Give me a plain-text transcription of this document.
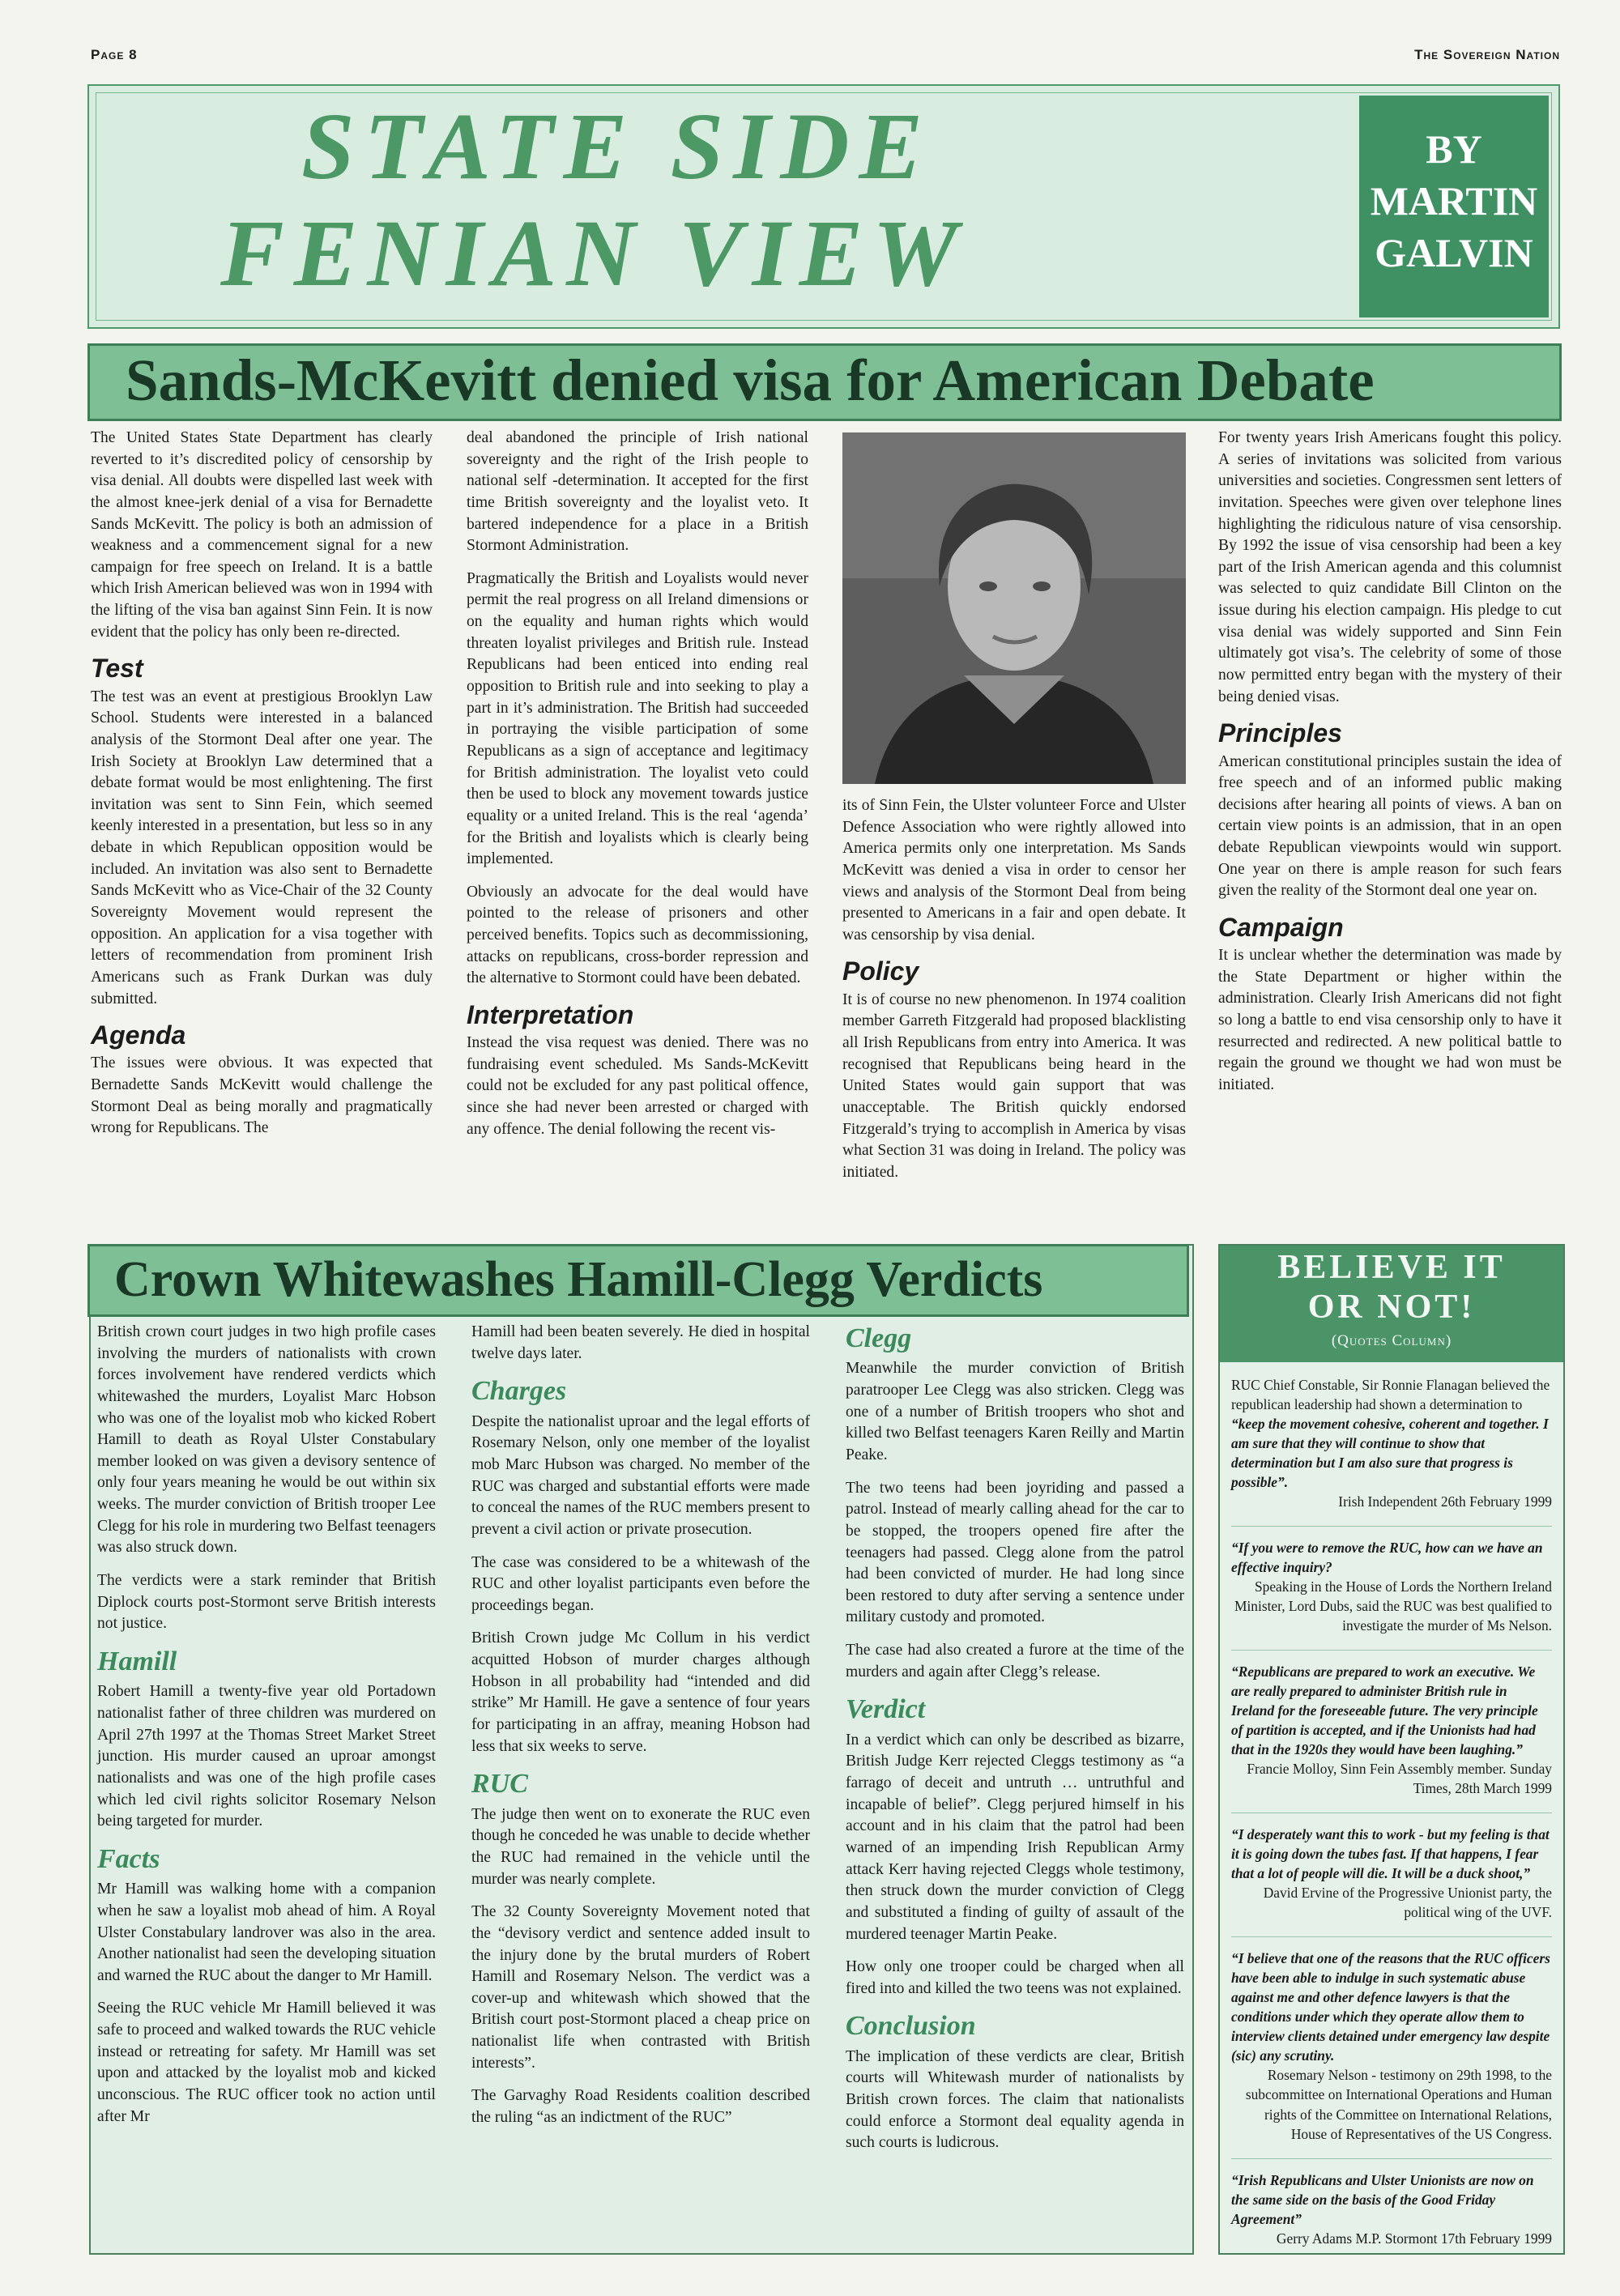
Page 8	The Sovereign Nation
STATE SIDE
FENIAN VIEW
BY
MARTIN
GALVIN
Sands-McKevitt denied visa for American Debate

The United States State Department has clearly reverted to it’s discredited policy of censorship by visa denial. All doubts were dispelled last week with the almost knee-jerk denial of a visa for Bernadette Sands McKevitt. The policy is both an admission of weakness and a commencement signal for a new campaign for free speech on Ireland. It is a battle which Irish American believed was won in 1994 with the lifting of the visa ban against Sinn Fein. It is now evident that the policy has only been re-directed.

Test

The test was an event at prestigious Brooklyn Law School. Students were interested in a balanced analysis of the Stormont Deal after one year. The Irish Society at Brooklyn Law determined that a debate format would be most enlightening. The first invitation was sent to Sinn Fein, which seemed keenly interested in a presentation, but less so in any debate in which Republican opposition would be included. An invitation was also sent to Bernadette Sands McKevitt who as Vice-Chair of the 32 County Sovereignty Movement would represent the opposition. An application for a visa together with letters of recommendation from prominent Irish Americans such as Frank Durkan was duly submitted.

Agenda

The issues were obvious. It was expected that Bernadette Sands McKevitt would challenge the Stormont Deal as being morally and pragmatically wrong for Republicans. The

deal abandoned the principle of Irish national sovereignty and the right of the Irish people to national self -determination. It accepted for the first time British sovereignty and the loyalist veto. It bartered independence for a place in a British Stormont Administration.

Pragmatically the British and Loyalists would never permit the real progress on all Ireland dimensions or on the equality and human rights which would threaten loyalist privileges and British rule. Instead Republicans had been enticed into ending real opposition to British rule and into seeking to play a part in it’s administration. The British had succeeded in portraying the visible participation of some Republicans as a sign of acceptance and legitimacy for British administration. The loyalist veto could then be used to block any movement towards justice equality or a united Ireland. This is the real ‘agenda’ for the British and loyalists which is clearly being implemented.

Obviously an advocate for the deal would have pointed to the release of prisoners and other perceived benefits. Topics such as decommissioning, attacks on republicans, cross-border repression and the alternative to Stormont could have been debated.

Interpretation

Instead the visa request was denied. There was no fundraising event scheduled. Ms Sands-McKevitt could not be excluded for any past political offence, since she had never been arrested or charged with any offence. The denial following the recent vis-

its of Sinn Fein, the Ulster volunteer Force and Ulster Defence Association who were rightly allowed into America permits only one interpretation. Ms Sands McKevitt was denied a visa in order to censor her views and analysis of the Stormont Deal from being presented to Americans in a fair and open debate. It was censorship by visa denial.

Policy

It is of course no new phenomenon. In 1974 coalition member Garreth Fitzgerald had proposed blacklisting all Irish Republicans from entry into America. It was recognised that Republicans being heard in the United States would gain support that was unacceptable. The British quickly endorsed Fitzgerald’s trying to accomplish in America by visas what Section 31 was doing in Ireland. The policy was initiated.

For twenty years Irish Americans fought this policy. A series of invitations was solicited from various universities and societies. Congressmen sent letters of invitation. Speeches were given over telephone lines highlighting the ridiculous nature of visa censorship. By 1992 the issue of visa censorship had been a key part of the Irish American agenda and this columnist was selected to quiz candidate Bill Clinton on the issue during his election campaign. His pledge to cut visa denial was widely supported and Sinn Fein ultimately got visa’s. The celebrity of some of those now permitted entry began with the mystery of their being denied visas.

Principles

American constitutional principles sustain the idea of free speech and of an informed public making decisions after hearing all points of views. A ban on certain view points is an admission, that in an open debate Republican viewpoints would win support. One year on there is ample reason for such fears given the reality of the Stormont deal one year on.

Campaign

It is unclear whether the determination was made by the State Department or higher within the administration. Clearly Irish Americans did not fight so long a battle to end visa censorship only to have it resurrected and redirected. A new political battle to regain the ground we thought we had won must be initiated.

Crown Whitewashes Hamill-Clegg Verdicts

British crown court judges in two high profile cases involving the murders of nationalists with crown forces involvement have rendered verdicts which whitewashed the murders, Loyalist Marc Hobson who was one of the loyalist mob who kicked Robert Hamill to death as Royal Ulster Constabulary member looked on was given a devisory sentence of only four years meaning he would be out within six weeks. The murder conviction of British trooper Lee Clegg for his role in murdering two Belfast teenagers was also struck down.

The verdicts were a stark reminder that British Diplock courts post-Stormont serve British interests not justice.

Hamill

Robert Hamill a twenty-five year old Portadown nationalist father of three children was murdered on April 27th 1997 at the Thomas Street Market Street junction. His murder caused an uproar amongst nationalists and was one of the high profile cases which led civil rights solicitor Rosemary Nelson being targeted for murder.

Facts

Mr Hamill was walking home with a companion when he saw a loyalist mob ahead of him. A Royal Ulster Constabulary landrover was also in the area. Another nationalist had seen the developing situation and warned the RUC about the danger to Mr Hamill.

Seeing the RUC vehicle Mr Hamill believed it was safe to proceed and walked towards the RUC vehicle instead or retreating for safety. Mr Hamill was set upon and attacked by the loyalist mob and kicked unconscious. The RUC officer took no action until after Mr

Hamill had been beaten severely. He died in hospital twelve days later.

Charges

Despite the nationalist uproar and the legal efforts of Rosemary Nelson, only one member of the loyalist mob Marc Hubson was charged. No member of the RUC was charged and substantial efforts were made to conceal the names of the RUC members present to prevent a civil action or private prosecution.

The case was considered to be a whitewash of the RUC and other loyalist participants even before the proceedings began.

British Crown judge Mc Collum in his verdict acquitted Hobson of murder charges although Hobson in all probability had “intended and did strike” Mr Hamill. He gave a sentence of four years for participating in an affray, meaning Hobson had less that six weeks to serve.

RUC

The judge then went on to exonerate the RUC even though he conceded he was unable to decide whether the RUC had remained in the vehicle until the murder was nearly complete.

The 32 County Sovereignty Movement noted that the “devisory verdict and sentence added insult to the injury done by the brutal murders of Robert Hamill and Rosemary Nelson. The verdict was a cover-up and whitewash which showed that the British court post-Stormont placed a cheap price on nationalist life when contrasted with British interests”.

The Garvaghy Road Residents coalition described the ruling “as an indictment of the RUC”

Clegg

Meanwhile the murder conviction of British paratrooper Lee Clegg was also stricken. Clegg was one of a number of British troopers who shot and killed two Belfast teenagers Karen Reilly and Martin Peake.

The two teens had been joyriding and passed a patrol. Instead of mearly calling ahead for the car to be stopped, the troopers opened fire after the teenagers had passed. Clegg alone from the patrol had been convicted of murder. He had long since been restored to duty after serving a sentence under military custody and promoted.

The case had also created a furore at the time of the murders and again after Clegg’s release.

Verdict

In a verdict which can only be described as bizarre, British Judge Kerr rejected Cleggs testimony as “a farrago of deceit and untruth … untruthful and incapable of belief”. Clegg perjured himself in his account and in his claim that the patrol had been warned of an impending Irish Republican Army attack Kerr having rejected Cleggs whole testimony, then struck down the murder conviction of Clegg and substituted a finding of guilty of assault of the murdered teenager Martin Peake.

How only one trooper could be charged when all fired into and killed the two teens was not explained.

Conclusion

The implication of these verdicts are clear, British courts will Whitewash murder of nationalists by British crown forces. The claim that nationalists could enforce a Stormont deal equality agenda in such courts is ludicrous.

BELIEVE IT
OR NOT!
(Quotes Column)
RUC Chief Constable, Sir Ronnie Flanagan believed the republican leadership had shown a determination to “keep the movement cohesive, coherent and together. I am sure that they will continue to show that determination but I am also sure that progress is possible”.
Irish Independent 26th February 1999
“If you were to remove the RUC, how can we have an effective inquiry?
Speaking in the House of Lords the Northern Ireland Minister, Lord Dubs, said the RUC was best qualified to investigate the murder of Ms Nelson.
“Republicans are prepared to work an executive. We are really prepared to administer British rule in Ireland for the foreseeable future. The very principle of partition is accepted, and if the Unionists had had that in the 1920s they would have been laughing.”
Francie Molloy, Sinn Fein Assembly member. Sunday Times, 28th March 1999
“I desperately want this to work - but my feeling is that it is going down the tubes fast. If that happens, I fear that a lot of people will die. It will be a duck shoot,”
David Ervine of the Progressive Unionist party, the political wing of the UVF.
“I believe that one of the reasons that the RUC officers have been able to indulge in such systematic abuse against me and other defence lawyers is that the conditions under which they operate allow them to interview clients detained under emergency law despite (sic) any scrutiny.
Rosemary Nelson - testimony on 29th 1998, to the subcommittee on International Operations and Human rights of the Committee on International Relations, House of Representatives of the US Congress.
“Irish Republicans and Ulster Unionists are now on the same side on the basis of the Good Friday Agreement”
Gerry Adams M.P. Stormont 17th February 1999
